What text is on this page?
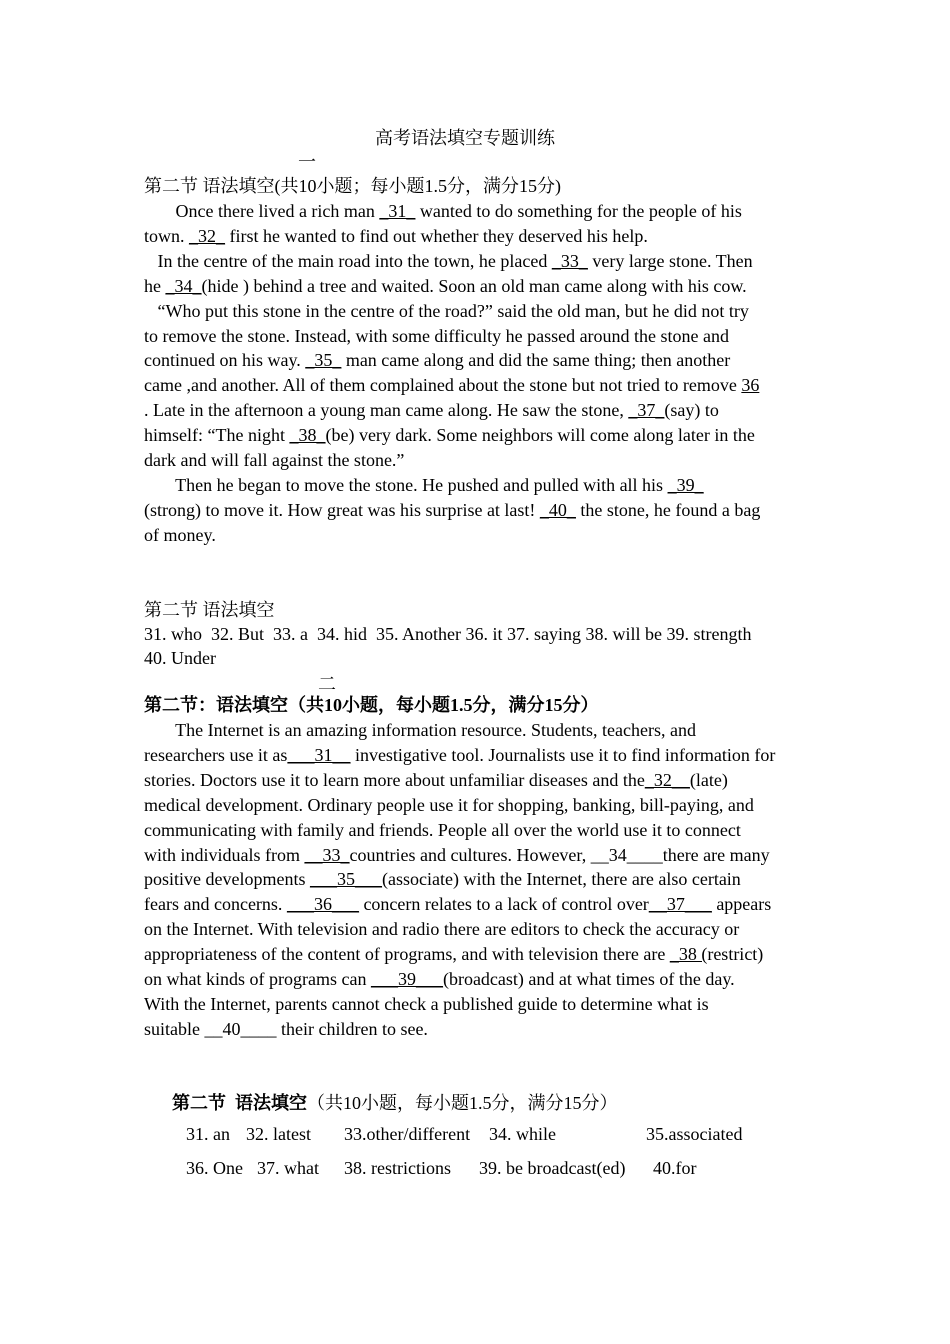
高考语法填空专题训练
一
第二节 语法填空(共10小题；每小题1.5分，满分15分)
Once there lived a rich man _31_ wanted to do something for the people of his
town. _32_ first he wanted to find out whether they deserved his help.
In the centre of the main road into the town, he placed _33_ very large stone. Then
he _34_(hide ) behind a tree and waited. Soon an old man came along with his cow.
“Who put this stone in the centre of the road?” said the old man, but he did not try
to remove the stone. Instead, with some difficulty he passed around the stone and
continued on his way. _35_ man came along and did the same thing; then another
came ,and another. All of them complained about the stone but not tried to remove 36
. Late in the afternoon a young man came along. He saw the stone, _37_(say) to
himself: “The night _38_(be) very dark. Some neighbors will come along later in the
dark and will fall against the stone.”
Then he began to move the stone. He pushed and pulled with all his _39_
(strong) to move it. How great was his surprise at last! _40_ the stone, he found a bag
of money.
第二节 语法填空
31. who  32. But  33. a  34. hid  35. Another 36. it 37. saying 38. will be 39. strength
40. Under
二
第二节：语法填空（共10小题，每小题1.5分，满分15分）
The Internet is an amazing information resource. Students, teachers, and
researchers use it as___31__ investigative tool. Journalists use it to find information for
stories. Doctors use it to learn more about unfamiliar diseases and the_32__(late)
medical development. Ordinary people use it for shopping, banking, bill-paying, and
communicating with family and friends. People all over the world use it to connect
with individuals from __33_countries and cultures. However, __34____there are many
positive developments ___35___(associate) with the Internet, there are also certain
fears and concerns. ___36___ concern relates to a lack of control over__37___ appears
on the Internet. With television and radio there are editors to check the accuracy or
appropriateness of the content of programs, and with television there are _38 (restrict)
on what kinds of programs can ___39___(broadcast) and at what times of the day.
With the Internet, parents cannot check a published guide to determine what is
suitable __40____ their children to see.
第二节  语法填空（共10小题，每小题1.5分，满分15分）
31. an 32. latest 33.other/different 34. while	35.associated
36. One 37. what 38. restrictions 39. be broadcast(ed) 40.for
